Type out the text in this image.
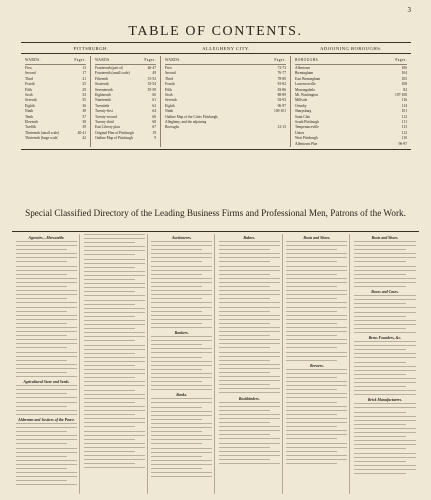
3
TABLE OF CONTENTS.
PITTSBURGH.	ALLEGHENY CITY.	ADJOINING BOROUGHS.
WARDS.	Pages.
First	13
Second	17
Third	21
Fourth	25
Fifth	29
Sixth	33
Seventh	35
Eighth	36
Ninth	38
Tenth	37
Eleventh	38
Twelfth	39
Thirteenth (small scale)	40-41
Thirteenth (large scale)	42
WARDS.	Pages.
Fourteenth (part of)	46-47
Fourteenth (small scale)	49
Fifteenth	51-52
Sixteenth	53-54
Seventeenth	55-58
Eighteenth	60
Nineteenth	61
Twentieth	62
Twenty-first	64
Twenty-second	66
Twenty-third	68
East Liberty plan	67
Original Plan of Pittsburgh	19
Outline Map of Pittsburgh	9
WARDS.	Pages.
First	72-73
Second	76-77
Third	78-80
Fourth	81-82
Fifth	83-86
Sixth	88-89
Seventh	92-93
Eighth	96-97
Ninth	100-101
Outline Map of the Cities Pittsburgh,
Allegheny, and the adjoining
Boroughs	12-13
BOROUGHS.	Pages.
Allentown	106
Birmingham	104
East Birmingham	105
Lawrenceville	108
Monongahela	82
Mt. Washington	107-108
Millvale	116
Ormsby	114
Sharpsburg	101
Saint Clair	112
South Pittsburgh	111
Temperanceville	113
Union	112
West Pittsburgh	110
Allentown Plan	96-97
Special Classified Directory of the Leading Business Firms and Professional Men, Patrons of the Work.
Agencies—Mercantile.
Agricultural Store and Seeds.
Aldermen and Justices of the Peace.
Auctioneers.
Bankers.
Banks.
Bakers.
Bookbinders.
Boots and Shoes.
Brewers.
Boots and Shoes.
Boxes and Cases.
Brass Founders, &c.
Brick Manufacturers.
